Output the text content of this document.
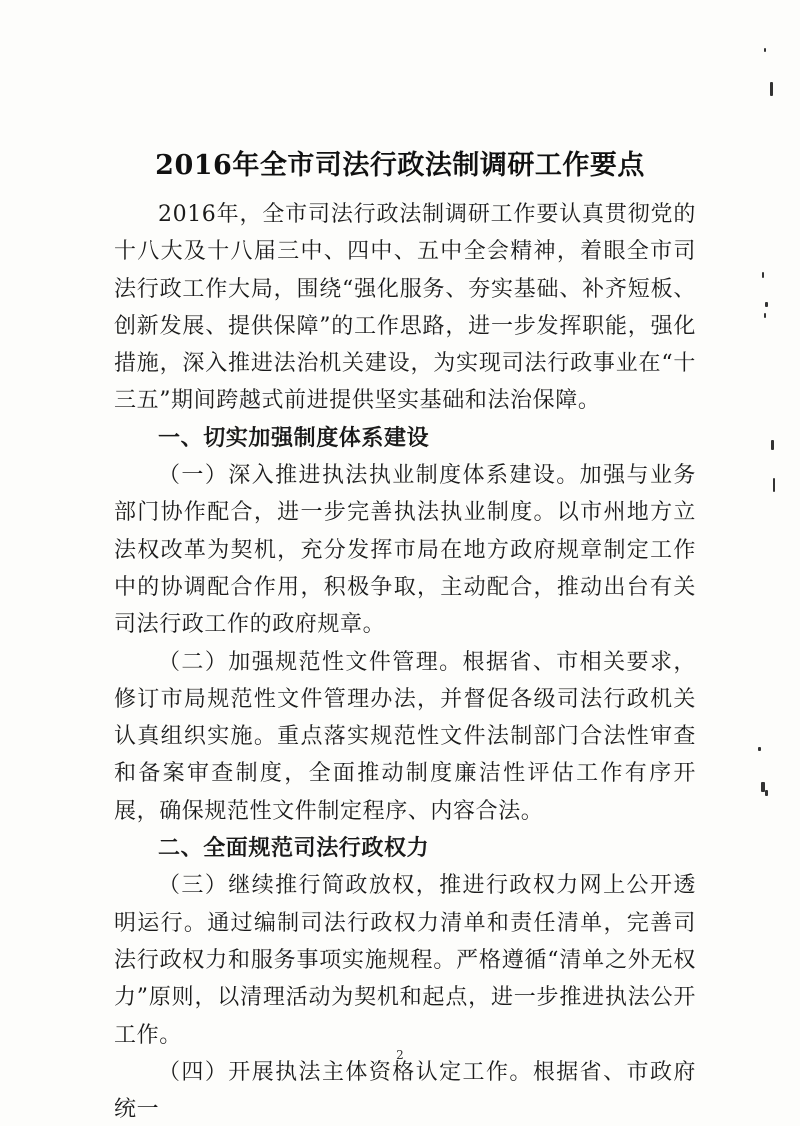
2016年全市司法行政法制调研工作要点

2016年，全市司法行政法制调研工作要认真贯彻党的十八大及十八届三中、四中、五中全会精神，着眼全市司法行政工作大局，围绕“强化服务、夯实基础、补齐短板、创新发展、提供保障”的工作思路，进一步发挥职能，强化措施，深入推进法治机关建设，为实现司法行政事业在“十三五”期间跨越式前进提供坚实基础和法治保障。

一、切实加强制度体系建设

（一）深入推进执法执业制度体系建设。加强与业务部门协作配合，进一步完善执法执业制度。以市州地方立法权改革为契机，充分发挥市局在地方政府规章制定工作中的协调配合作用，积极争取，主动配合，推动出台有关司法行政工作的政府规章。

（二）加强规范性文件管理。根据省、市相关要求，修订市局规范性文件管理办法，并督促各级司法行政机关认真组织实施。重点落实规范性文件法制部门合法性审查和备案审查制度，全面推动制度廉洁性评估工作有序开展，确保规范性文件制定程序、内容合法。

二、全面规范司法行政权力

（三）继续推行简政放权，推进行政权力网上公开透明运行。通过编制司法行政权力清单和责任清单，完善司法行政权力和服务事项实施规程。严格遵循“清单之外无权力”原则，以清理活动为契机和起点，进一步推进执法公开工作。

（四）开展执法主体资格认定工作。根据省、市政府统一

2
